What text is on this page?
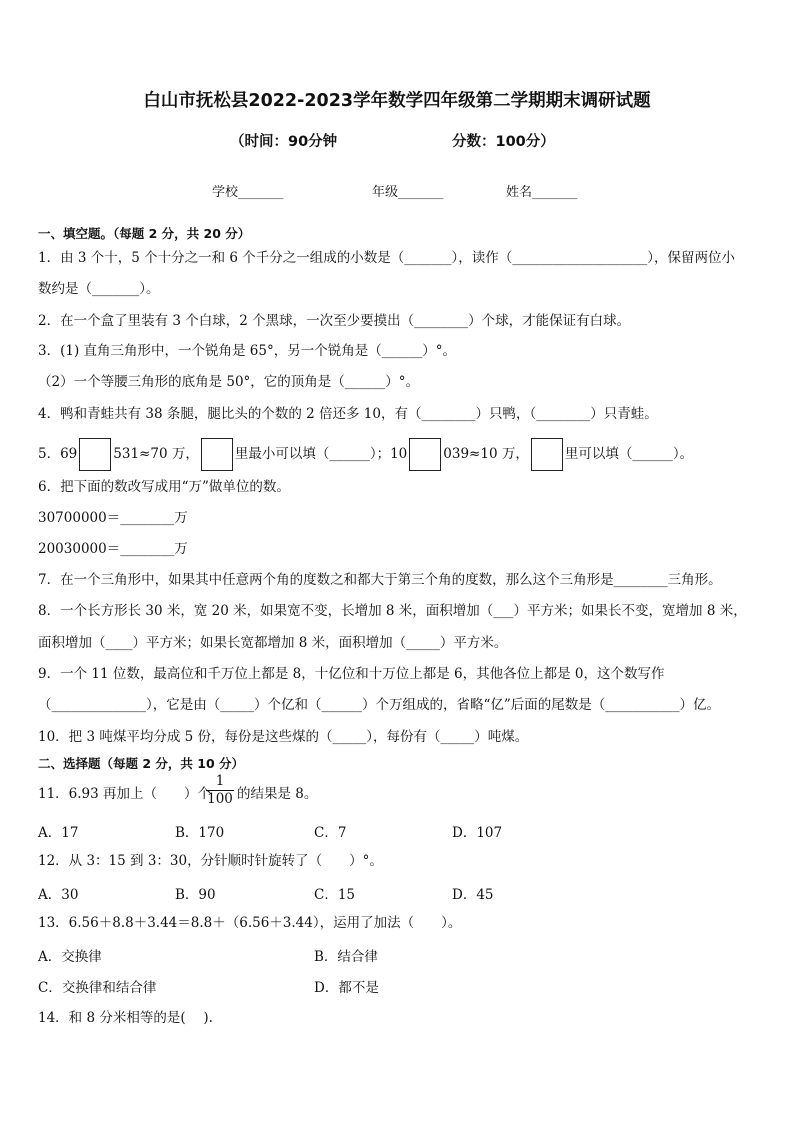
白山市抚松县2022-2023学年数学四年级第二学期期末调研试题
（时间：90分钟	分数：100分）
学校_______	年级_______	姓名_______
一、填空题。（每题 2 分，共 20 分）
1．由 3 个十，5 个十分之一和 6 个千分之一组成的小数是（_______），读作（____________________），保留两位小
数约是（_______）。
2．在一个盒了里装有 3 个白球，2 个黑球，一次至少要摸出（________）个球，才能保证有白球。
3．(1) 直角三角形中，一个锐角是 65°，另一个锐角是（______）°。
（2）一个等腰三角形的底角是 50°，它的顶角是（______）°。
4．鸭和青蛙共有 38 条腿，腿比头的个数的 2 倍还多 10，有（________）只鸭，（________）只青蛙。
5．69	531≈70 万，	里最小可以填（______）；10	039≈10 万，	里可以填（______）。
6．把下面的数改写成用“万”做单位的数。
30700000＝________万
20030000＝________万
7．在一个三角形中，如果其中任意两个角的度数之和都大于第三个角的度数，那么这个三角形是________三角形。
8．一个长方形长 30 米，宽 20 米，如果宽不变，长增加 8 米，面积增加（___）平方米；如果长不变，宽增加 8 米，
面积增加（____）平方米；如果长宽都增加 8 米，面积增加（_____）平方米。
9．一个 11 位数，最高位和千万位上都是 8，十亿位和十万位上都是 6，其他各位上都是 0，这个数写作
（______________），它是由（_____）个亿和（______）个万组成的，省略“亿”后面的尾数是（___________）亿。
10．把 3 吨煤平均分成 5 份，每份是这些煤的（_____），每份有（_____）吨煤。
二、选择题（每题 2 分，共 10 分）
11．6.93 再加上（　　）个
$\frac{1}{100}$ 的结果是 8。
A．17	B．170	C．7	D．107
12．从 3：15 到 3：30，分针顺时针旋转了（　　）°。
A．30	B．90	C．15	D．45
13．6.56＋8.8＋3.44＝8.8＋（6.56＋3.44），运用了加法（　　）。
A．交换律	B．结合律
C．交换律和结合律	D．都不是
14．和 8 分米相等的是(　 ).
